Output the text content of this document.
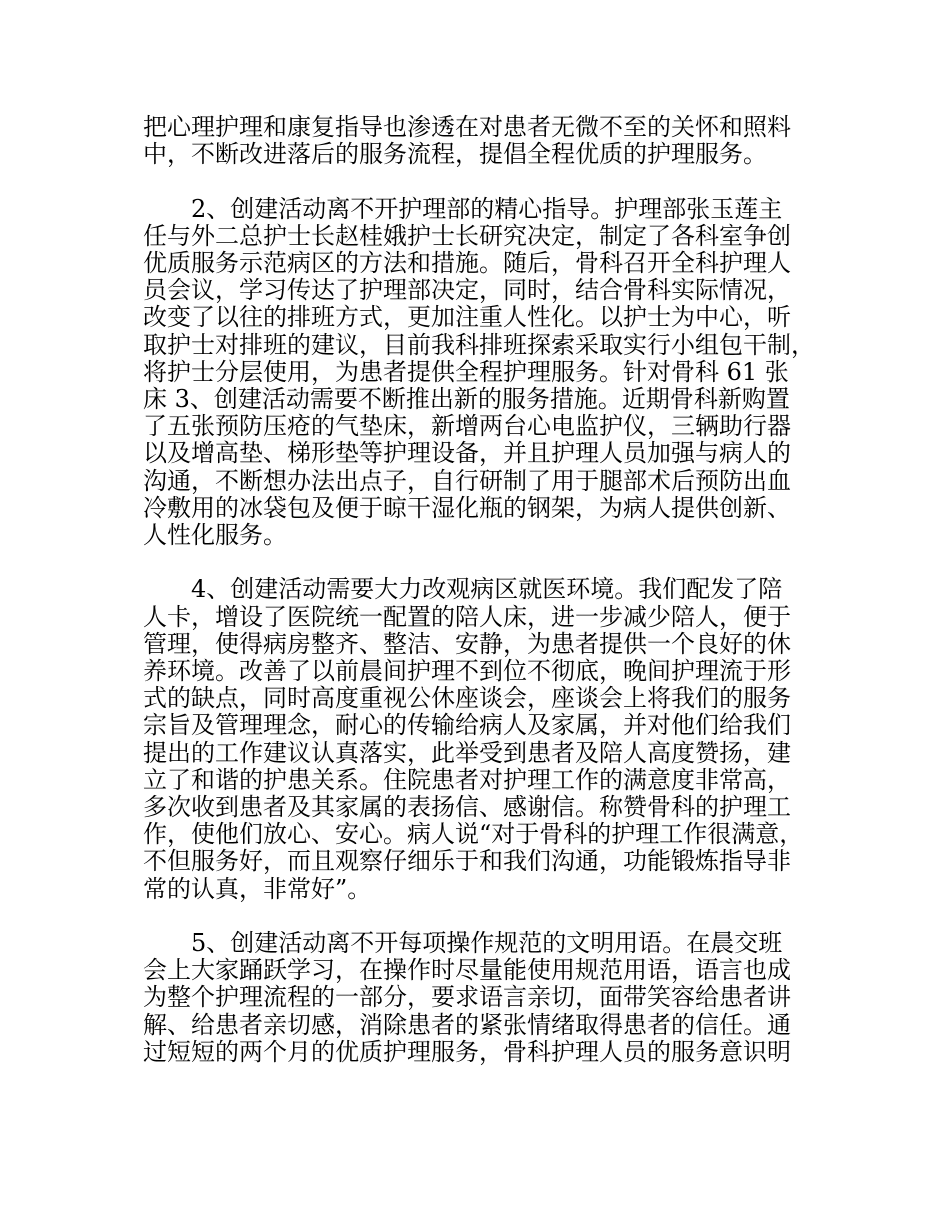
把心理护理和康复指导也渗透在对患者无微不至的关怀和照料
中，不断改进落后的服务流程，提倡全程优质的护理服务。

2、创建活动离不开护理部的精心指导。护理部张玉莲主
任与外二总护士长赵桂娥护士长研究决定，制定了各科室争创
优质服务示范病区的方法和措施。随后，骨科召开全科护理人
员会议，学习传达了护理部决定，同时，结合骨科实际情况，
改变了以往的排班方式，更加注重人性化。以护士为中心，听
取护士对排班的建议，目前我科排班探索采取实行小组包干制，
将护士分层使用，为患者提供全程护理服务。针对骨科 61 张
床 3、创建活动需要不断推出新的服务措施。近期骨科新购置
了五张预防压疮的气垫床，新增两台心电监护仪，三辆助行器
以及增高垫、梯形垫等护理设备，并且护理人员加强与病人的
沟通，不断想办法出点子，自行研制了用于腿部术后预防出血
冷敷用的冰袋包及便于晾干湿化瓶的钢架，为病人提供创新、
人性化服务。

4、创建活动需要大力改观病区就医环境。我们配发了陪
人卡，增设了医院统一配置的陪人床，进一步减少陪人，便于
管理，使得病房整齐、整洁、安静，为患者提供一个良好的休
养环境。改善了以前晨间护理不到位不彻底，晚间护理流于形
式的缺点，同时高度重视公休座谈会，座谈会上将我们的服务
宗旨及管理理念，耐心的传输给病人及家属，并对他们给我们
提出的工作建议认真落实，此举受到患者及陪人高度赞扬，建
立了和谐的护患关系。住院患者对护理工作的满意度非常高，
多次收到患者及其家属的表扬信、感谢信。称赞骨科的护理工
作，使他们放心、安心。病人说“对于骨科的护理工作很满意，
不但服务好，而且观察仔细乐于和我们沟通，功能锻炼指导非
常的认真，非常好”。

5、创建活动离不开每项操作规范的文明用语。在晨交班
会上大家踊跃学习，在操作时尽量能使用规范用语，语言也成
为整个护理流程的一部分，要求语言亲切，面带笑容给患者讲
解、给患者亲切感，消除患者的紧张情绪取得患者的信任。通
过短短的两个月的优质护理服务，骨科护理人员的服务意识明
